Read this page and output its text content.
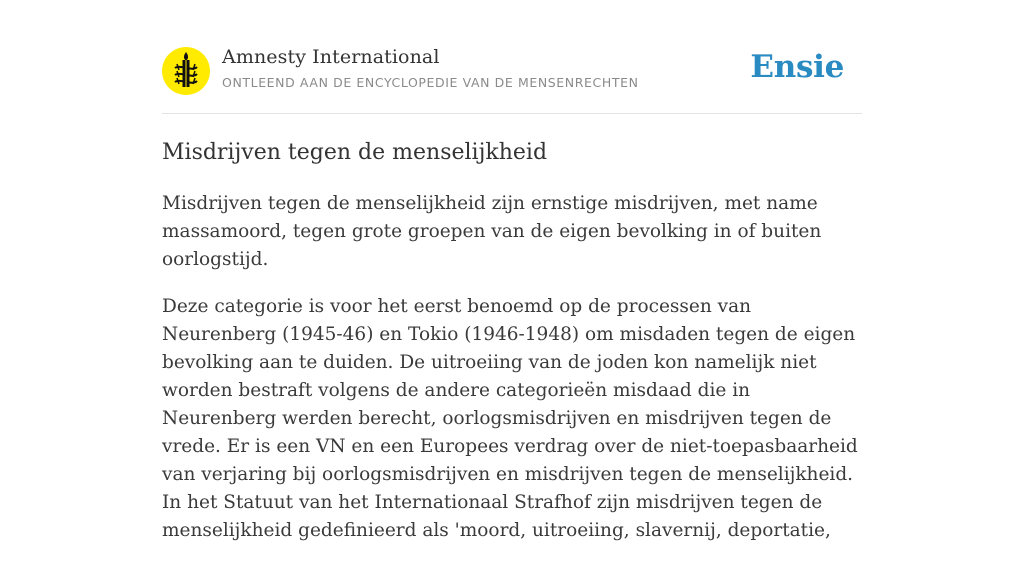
Amnesty International
ONTLEEND AAN DE ENCYCLOPEDIE VAN DE MENSENRECHTEN	Ensie
Misdrijven tegen de menselijkheid

Misdrijven tegen de menselijkheid zijn ernstige misdrijven, met name massamoord, tegen grote groepen van de eigen bevolking in of buiten oorlogstijd.

Deze categorie is voor het eerst benoemd op de processen van Neurenberg (1945-46) en Tokio (1946-1948) om misdaden tegen de eigen bevolking aan te duiden. De uitroeiing van de joden kon namelijk niet worden bestraft volgens de andere categorieën misdaad die in Neurenberg werden berecht, oorlogsmisdrijven en misdrijven tegen de vrede. Er is een VN en een Europees verdrag over de niet-toepasbaarheid van verjaring bij oorlogsmisdrijven en misdrijven tegen de menselijkheid. In het Statuut van het Internationaal Strafhof zijn misdrijven tegen de menselijkheid gedefinieerd als 'moord, uitroeiing, slavernij, deportatie,
